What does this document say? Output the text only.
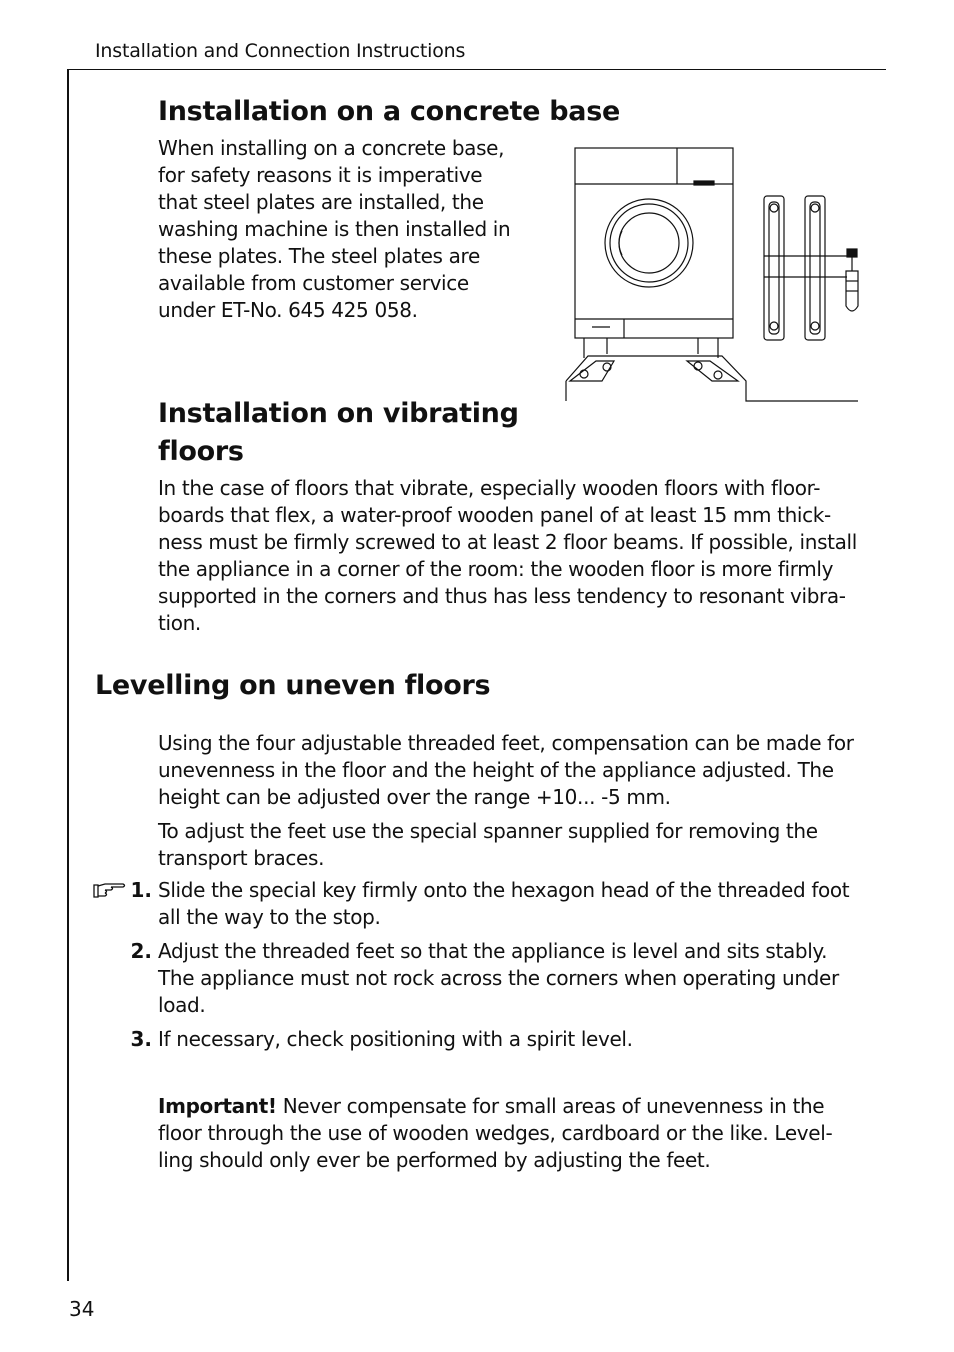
Installation and Connection Instructions
Installation on a concrete base
When installing on a concrete base,
for safety reasons it is imperative
that steel plates are installed, the
washing machine is then installed in
these plates. The steel plates are
available from customer service
under ET-No. 645 425 058.
Installation on vibrating
floors
In the case of floors that vibrate, especially wooden floors with floor-
boards that flex, a water-proof wooden panel of at least 15 mm thick-
ness must be firmly screwed to at least 2 floor beams. If possible, install
the appliance in a corner of the room: the wooden floor is more firmly
supported in the corners and thus has less tendency to resonant vibra-
tion.
Levelling on uneven floors
Using the four adjustable threaded feet, compensation can be made for
unevenness in the floor and the height of the appliance adjusted. The
height can be adjusted over the range +10... -5 mm.
To adjust the feet use the special spanner supplied for removing the
transport braces.
1. Slide the special key firmly onto the hexagon head of the threaded foot
all the way to the stop.
2. Adjust the threaded feet so that the appliance is level and sits stably.
The appliance must not rock across the corners when operating under
load.
3. If necessary, check positioning with a spirit level.
Important! Never compensate for small areas of unevenness in the
floor through the use of wooden wedges, cardboard or the like. Level-
ling should only ever be performed by adjusting the feet.
34
